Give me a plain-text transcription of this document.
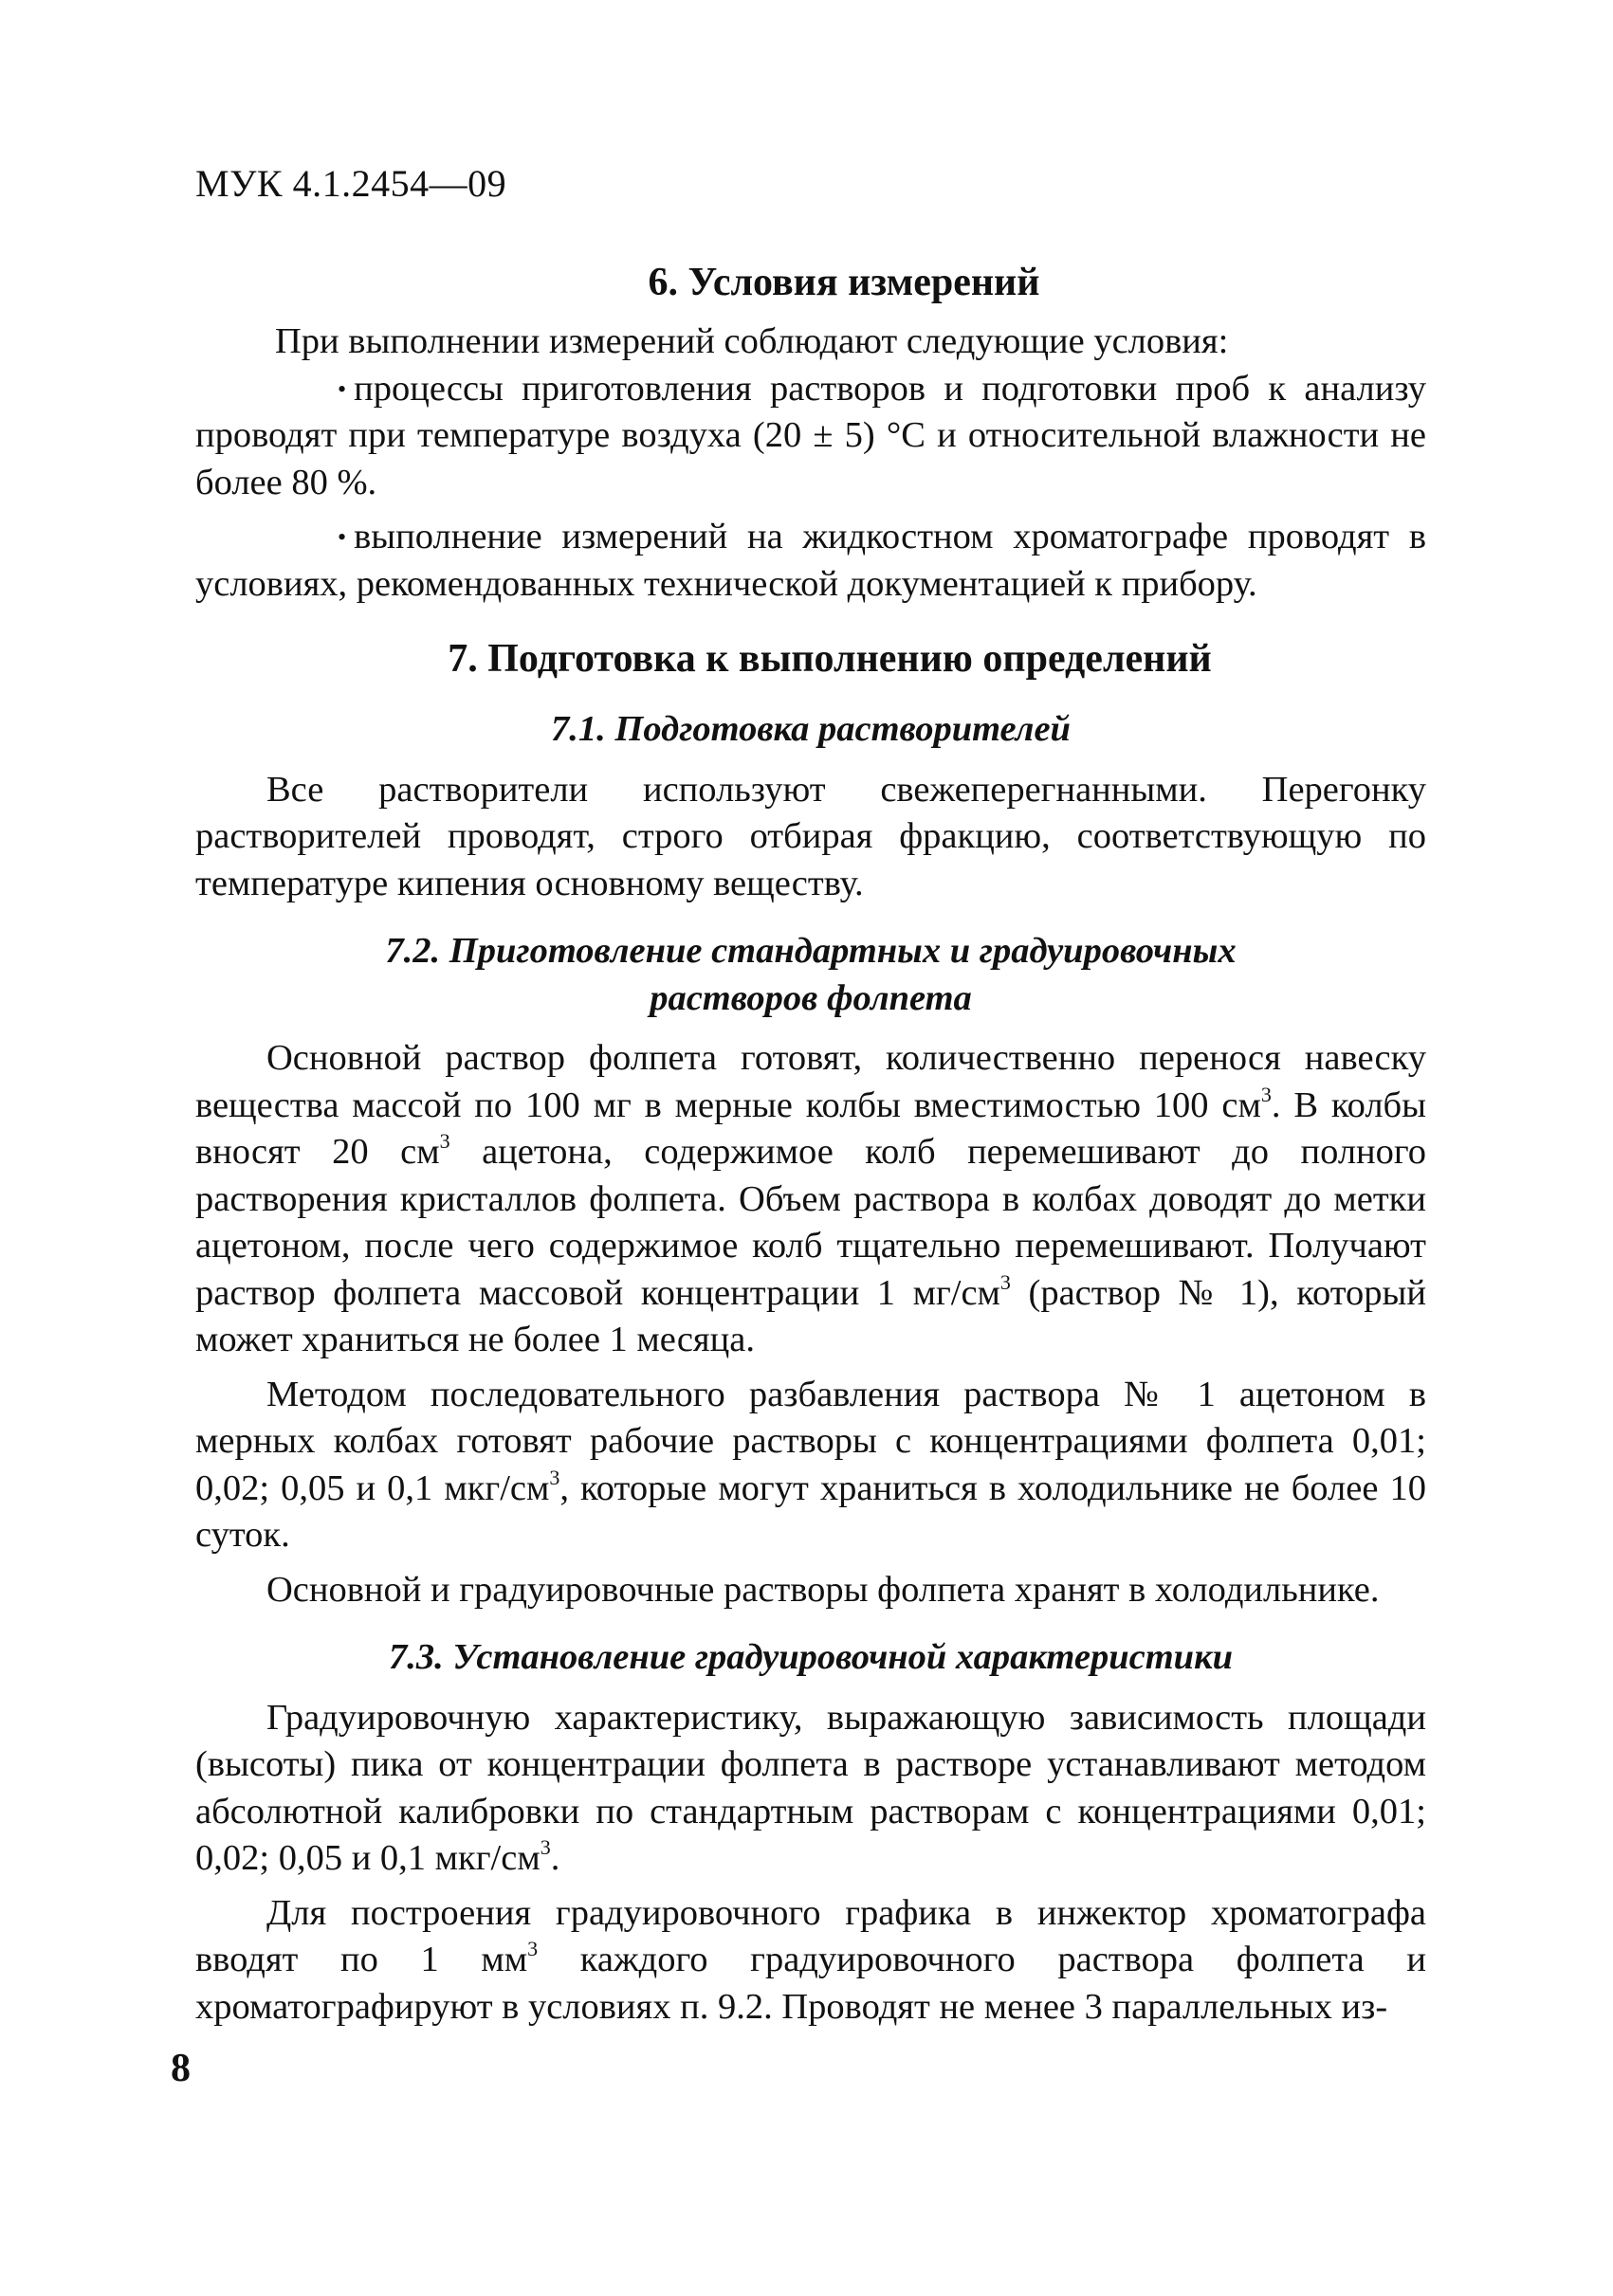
МУК 4.1.2454—09
6. Условия измерений

При выполнении измерений соблюдают следующие условия:

• процессы приготовления растворов и подготовки проб к анализу проводят при температуре воздуха (20 ± 5) °С и относительной влажности не более 80 %.

• выполнение измерений на жидкостном хроматографе проводят в условиях, рекомендованных технической документацией к прибору.

7. Подготовка к выполнению определений
7.1. Подготовка растворителей

Все растворители используют свежеперегнанными. Перегонку растворителей проводят, строго отбирая фракцию, соответствующую по температуре кипения основному веществу.

7.2. Приготовление стандартных и градуировочных
растворов фолпета

Основной раствор фолпета готовят, количественно перенося навеску вещества массой по 100 мг в мерные колбы вместимостью 100 $см^3$. В колбы вносят 20 $см^3$ ацетона, содержимое колб перемешивают до полного растворения кристаллов фолпета. Объем раствора в колбах доводят до метки ацетоном, после чего содержимое колб тщательно перемешивают. Получают раствор фолпета массовой концентрации 1 $мг/см^3$ (раствор № 1), который может храниться не более 1 месяца.

Методом последовательного разбавления раствора № 1 ацетоном в мерных колбах готовят рабочие растворы с концентрациями фолпета 0,01; 0,02; 0,05 и 0,1 мкг/$см^3$, которые могут храниться в холодильнике не более 10 суток.

Основной и градуировочные растворы фолпета хранят в холодильнике.

7.3. Установление градуировочной характеристики

Градуировочную характеристику, выражающую зависимость площади (высоты) пика от концентрации фолпета в растворе устанавливают методом абсолютной калибровки по стандартным растворам с концентрациями 0,01; 0,02; 0,05 и 0,1 мкг/$см^3$.

Для построения градуировочного графика в инжектор хроматографа вводят по 1 $мм^3$ каждого градуировочного раствора фолпета и хроматографируют в условиях п. 9.2. Проводят не менее 3 параллельных из-

8
